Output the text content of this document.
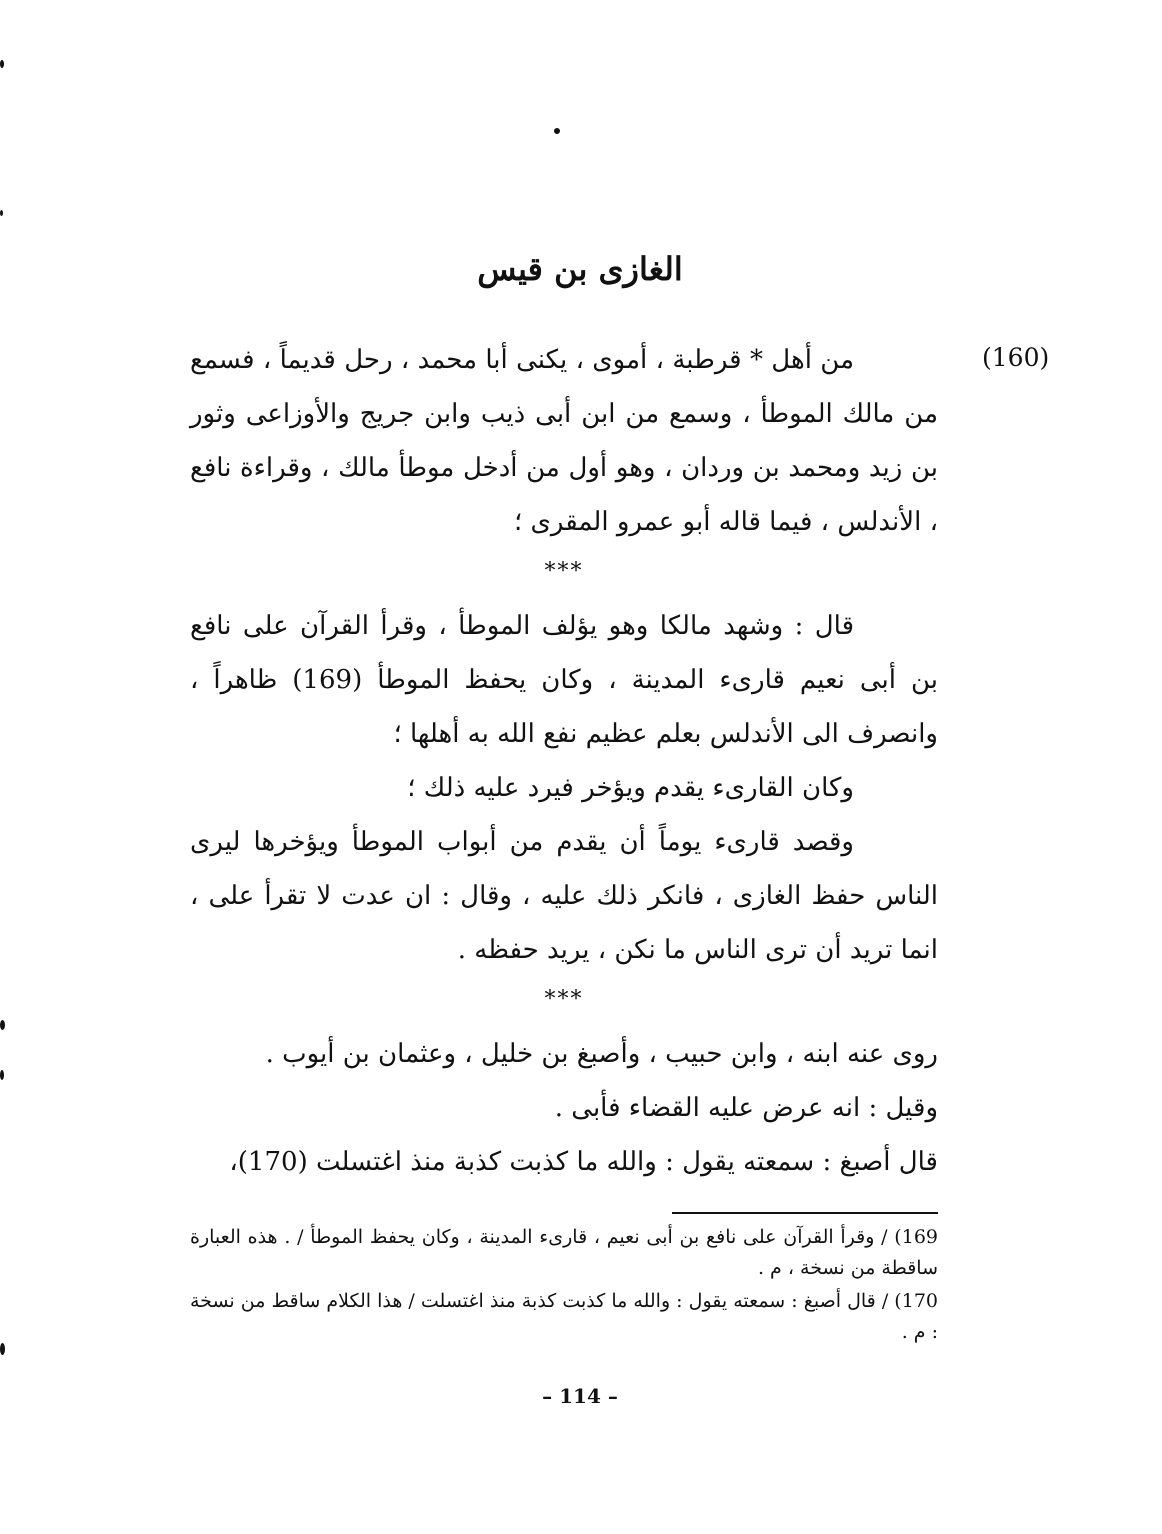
الغازى بن قيس
(160)

من أهل * قرطبة ، أموى ، يكنى أبا محمد ، رحل قديماً ، فسمع من مالك الموطأ ، وسمع من ابن أبى ذيب وابن جريج والأوزاعى وثور بن زيد ومحمد بن وردان ، وهو أول من أدخل موطأ مالك ، وقراءة نافع ، الأندلس ، فيما قاله أبو عمرو المقرى ؛

***

قال : وشهد مالكا وهو يؤلف الموطأ ، وقرأ القرآن على نافع بن أبى نعيم قارىء المدينة ، وكان يحفظ الموطأ (169) ظاهراً ، وانصرف الى الأندلس بعلم عظيم نفع الله به أهلها ؛

وكان القارىء يقدم ويؤخر فيرد عليه ذلك ؛

وقصد قارىء يوماً أن يقدم من أبواب الموطأ ويؤخرها ليرى الناس حفظ الغازى ، فانكر ذلك عليه ، وقال : ان عدت لا تقرأ على ، انما تريد أن ترى الناس ما نكن ، يريد حفظه .

***

روى عنه ابنه ، وابن حبيب ، وأصبغ بن خليل ، وعثمان بن أيوب .

وقيل : انه عرض عليه القضاء فأبى .

قال أصبغ : سمعته يقول : والله ما كذبت كذبة منذ اغتسلت (170)،

169) / وقرأ القرآن على نافع بن أبى نعيم ، قارىء المدينة ، وكان يحفظ الموطأ / . هذه العبارة ساقطة من نسخة ، م .

170) / قال أصبغ : سمعته يقول : والله ما كذبت كذبة منذ اغتسلت / هذا الكلام ساقط من نسخة : م .

– 114 –
